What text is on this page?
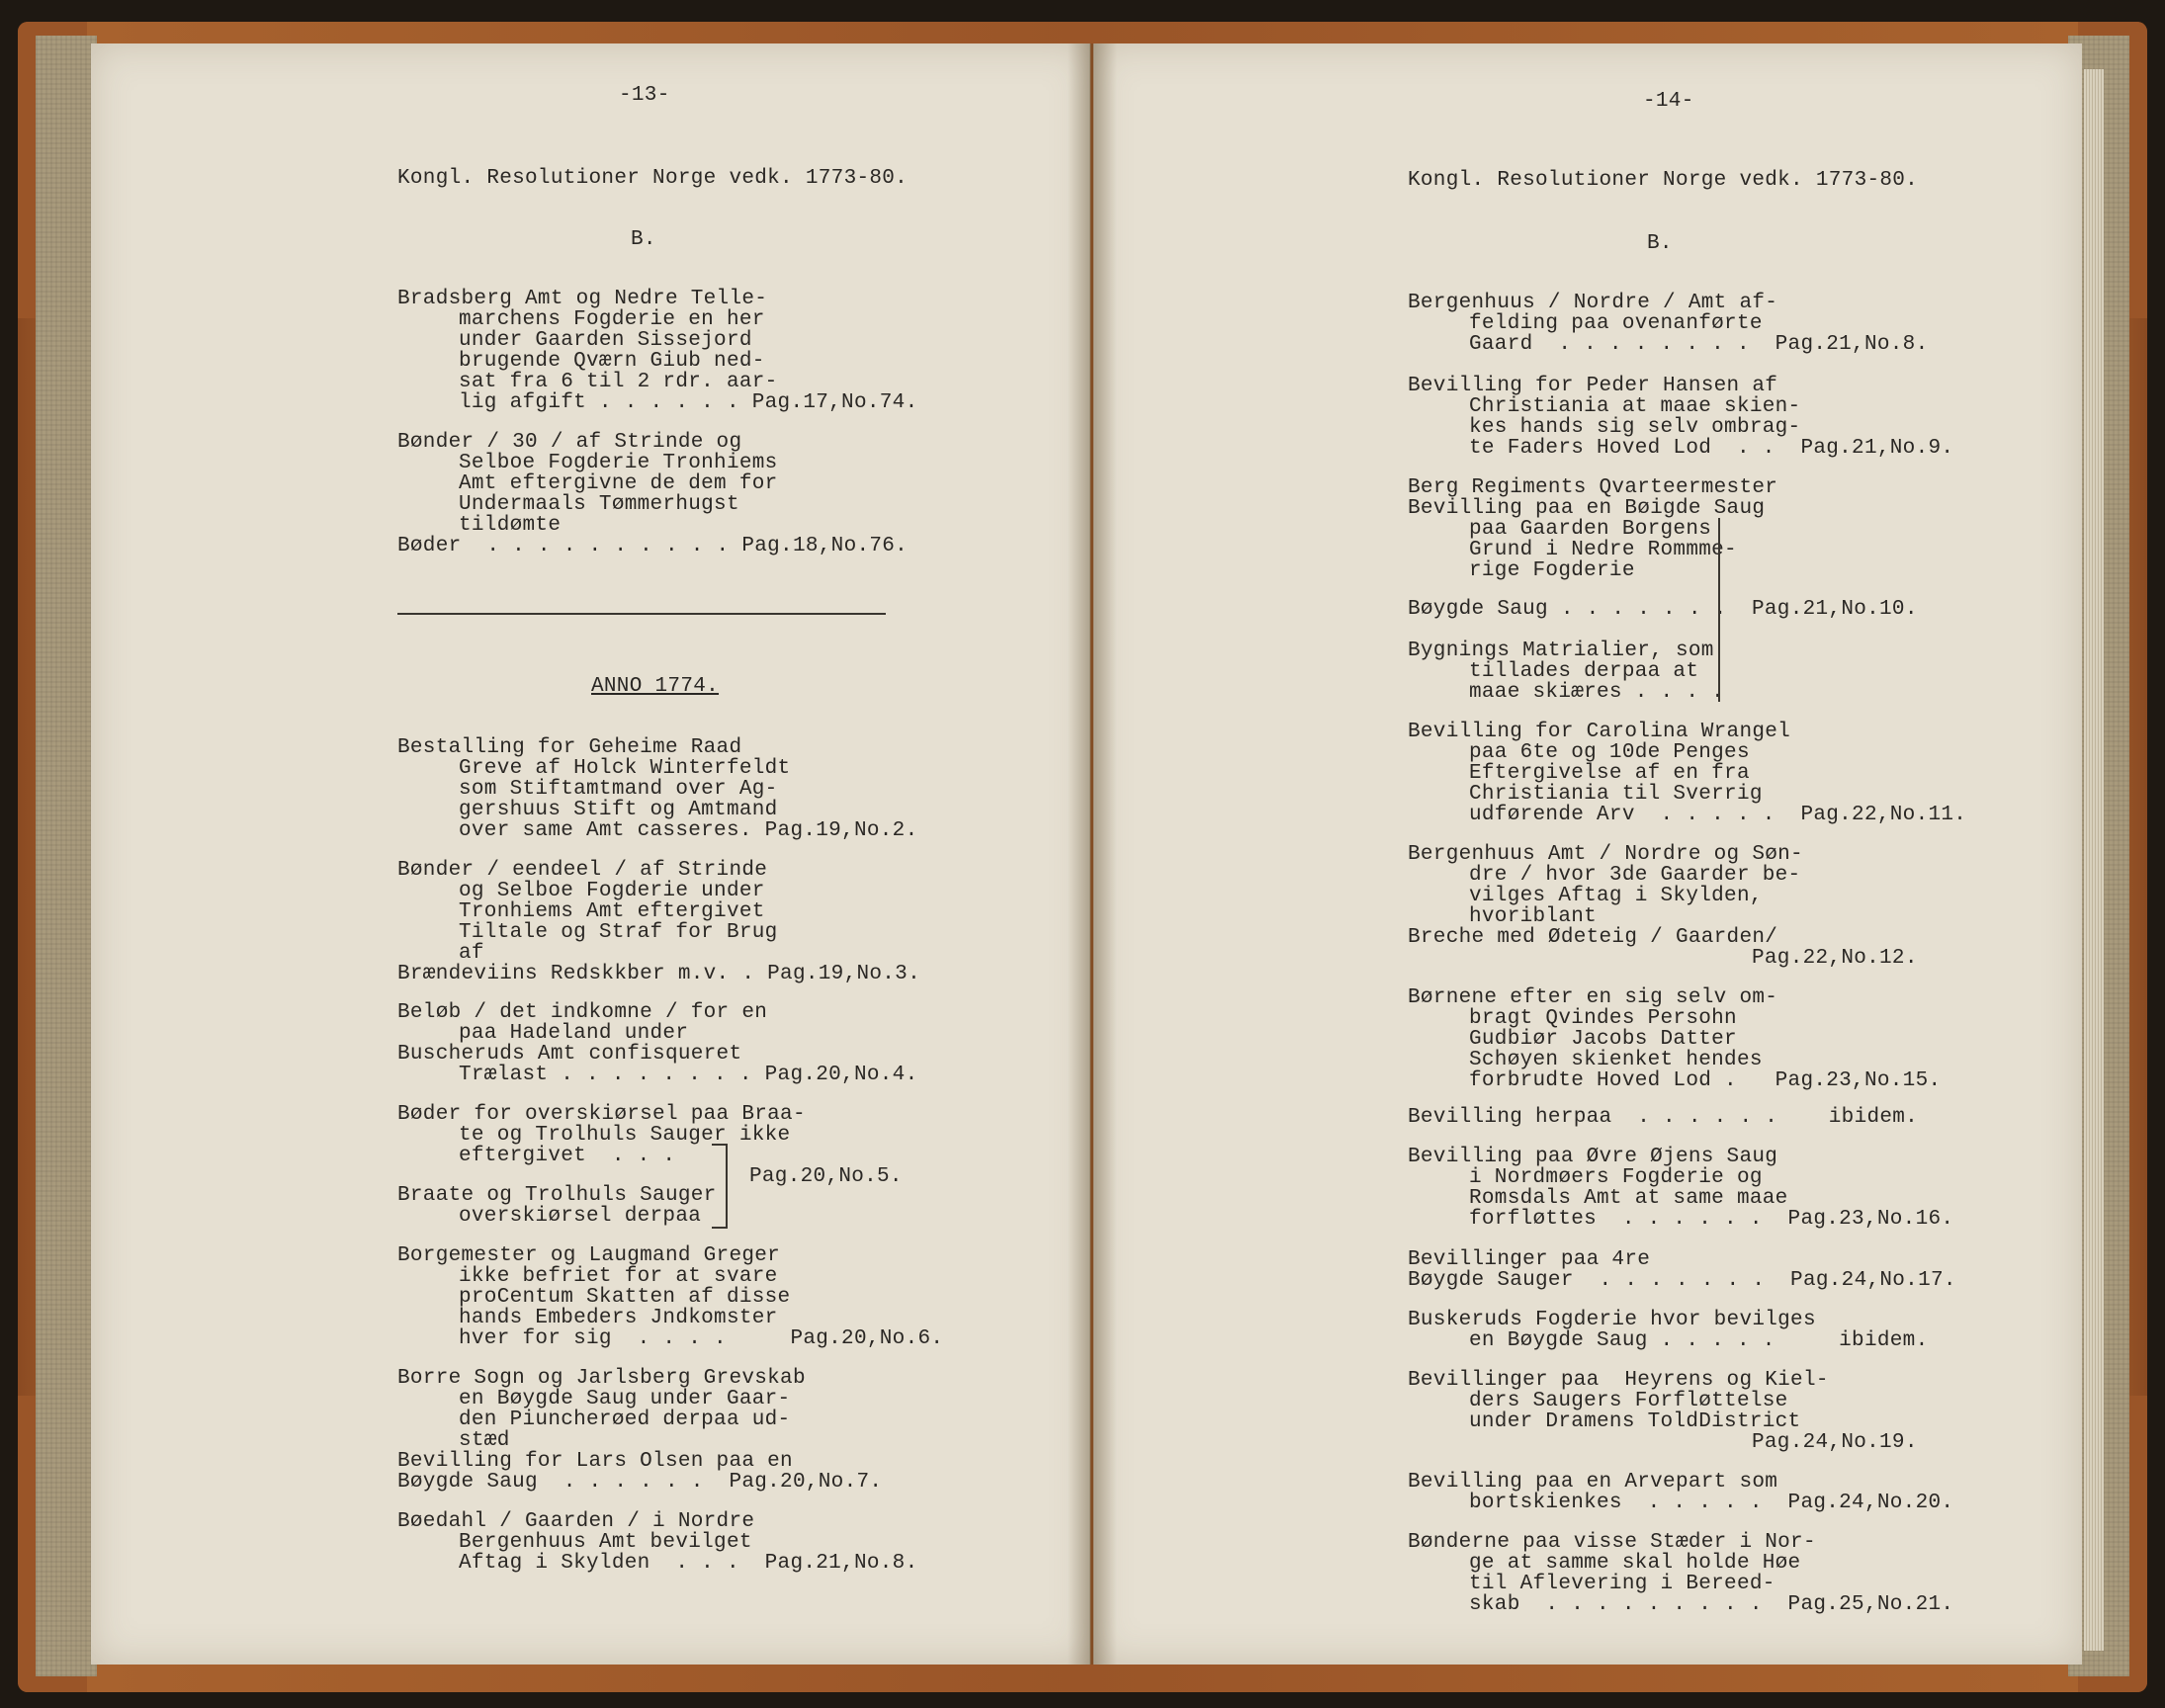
-13-

Kongl. Resolutioner Norge vedk. 1773-80.

B.

Bradsberg Amt og Nedre Telle-

marchens Fogderie en her

under Gaarden Sissejord

brugende Qværn Giub ned-

sat fra 6 til 2 rdr. aar-

lig afgift . . . . . . Pag.17,No.74.

Bønder / 30 / af Strinde og

Selboe Fogderie Tronhiems

Amt eftergivne de dem for

Undermaals Tømmerhugst

tildømte

Bøder  . . . . . . . . . . Pag.18,No.76.

ANNO 1774.

Bestalling for Geheime Raad

Greve af Holck Winterfeldt

som Stiftamtmand over Ag-

gershuus Stift og Amtmand

over same Amt casseres. Pag.19,No.2.

Bønder / eendeel / af Strinde

og Selboe Fogderie under

Tronhiems Amt eftergivet

Tiltale og Straf for Brug

af

Brændeviins Redskkber m.v. . Pag.19,No.3.

Beløb / det indkomne / for en

paa Hadeland under

Buscheruds Amt confisqueret

Trælast . . . . . . . . Pag.20,No.4.

Bøder for overskiørsel paa Braa-

te og Trolhuls Sauger ikke

eftergivet  . . .

Pag.20,No.5.

Braate og Trolhuls Sauger

overskiørsel derpaa

Borgemester og Laugmand Greger

ikke befriet for at svare

proCentum Skatten af disse

hands Embeders Jndkomster

hver for sig  . . . .     Pag.20,No.6.

Borre Sogn og Jarlsberg Grevskab

en Bøygde Saug under Gaar-

den Piuncherøed derpaa ud-

stæd

Bevilling for Lars Olsen paa en

Bøygde Saug  . . . . . .  Pag.20,No.7.

Bøedahl / Gaarden / i Nordre

Bergenhuus Amt bevilget

Aftag i Skylden  . . .  Pag.21,No.8.

-14-

Kongl. Resolutioner Norge vedk. 1773-80.

B.

Bergenhuus / Nordre / Amt af-

felding paa ovenanførte

Gaard  . . . . . . . .  Pag.21,No.8.

Bevilling for Peder Hansen af

Christiania at maae skien-

kes hands sig selv ombrag-

te Faders Hoved Lod  . .  Pag.21,No.9.

Berg Regiments Qvarteermester

Bevilling paa en Bøigde Saug

paa Gaarden Borgens

Grund i Nedre Rommme-

rige Fogderie

Bøygde Saug . . . . . . . Pag.21,No.10.

Bygnings Matrialier, som

tillades derpaa at

maae skiæres . . . .

Bevilling for Carolina Wrangel

paa 6te og 10de Penges

Eftergivelse af en fra

Christiania til Sverrig

udførende Arv  . . . . .  Pag.22,No.11.

Bergenhuus Amt / Nordre og Søn-

dre / hvor 3de Gaarder be-

vilges Aftag i Skylden,

hvoriblant

Breche med Ødeteig / Gaarden/

Pag.22,No.12.

Børnene efter en sig selv om-

bragt Qvindes Persohn

Gudbiør Jacobs Datter

Schøyen skienket hendes

forbrudte Hoved Lod .   Pag.23,No.15.

Bevilling herpaa  . . . . . .    ibidem.

Bevilling paa Øvre Øjens Saug

i Nordmøers Fogderie og

Romsdals Amt at same maae

forfløttes  . . . . . .  Pag.23,No.16.

Bevillinger paa 4re

Bøygde Sauger  . . . . . . .  Pag.24,No.17.

Buskeruds Fogderie hvor bevilges

en Bøygde Saug . . . . .     ibidem.

Bevillinger paa  Heyrens og Kiel-

ders Saugers Forfløttelse

under Dramens ToldDistrict

Pag.24,No.19.

Bevilling paa en Arvepart som

bortskienkes  . . . . .  Pag.24,No.20.

Bønderne paa visse Stæder i Nor-

ge at samme skal holde Høe

til Aflevering i Bereed-

skab  . . . . . . . . .  Pag.25,No.21.
